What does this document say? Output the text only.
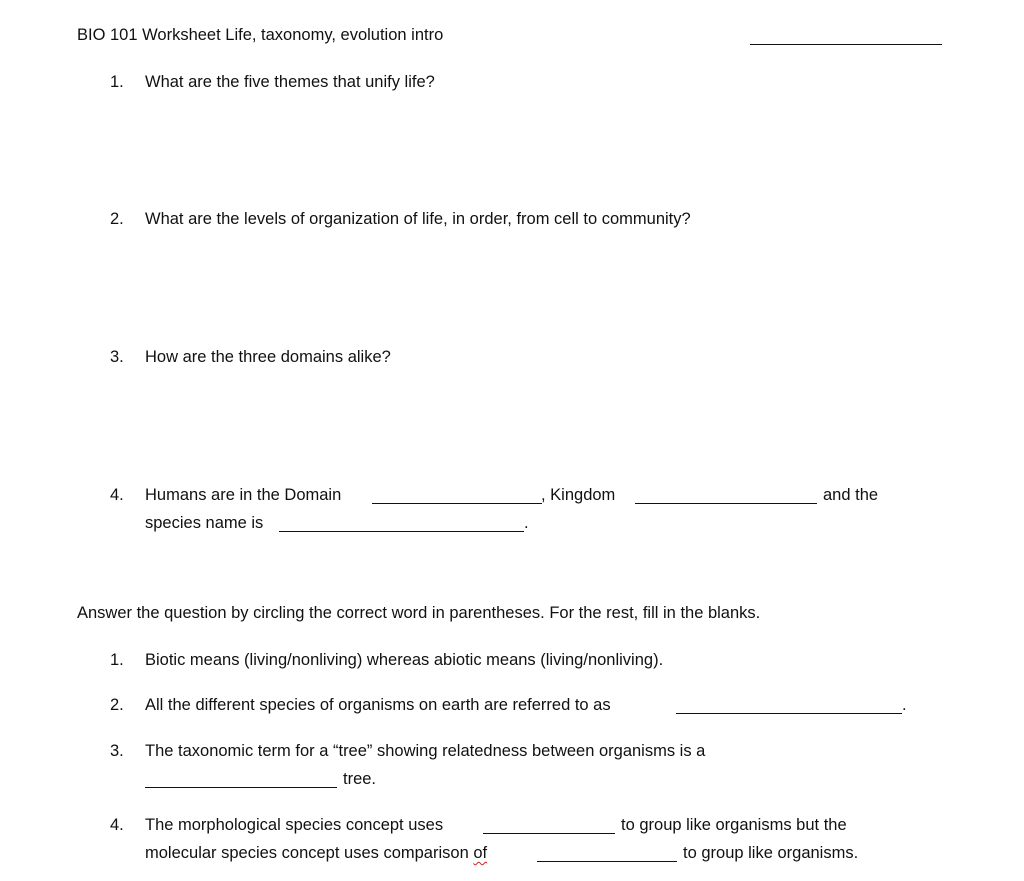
BIO 101 Worksheet Life, taxonomy, evolution intro
1. What are the five themes that unify life?
2. What are the levels of organization of life, in order, from cell to community?
3. How are the three domains alike?
4. Humans are in the Domain	, Kingdom	and the
species name is	.
Answer the question by circling the correct word in parentheses. For the rest, fill in the blanks.
1. Biotic means (living/nonliving) whereas abiotic means (living/nonliving).
2. All the different species of organisms on earth are referred to as	.
3. The taxonomic term for a “tree” showing relatedness between organisms is a
tree.
4. The morphological species concept uses	to group like organisms but the
molecular species concept uses comparison of	to group like organisms.
